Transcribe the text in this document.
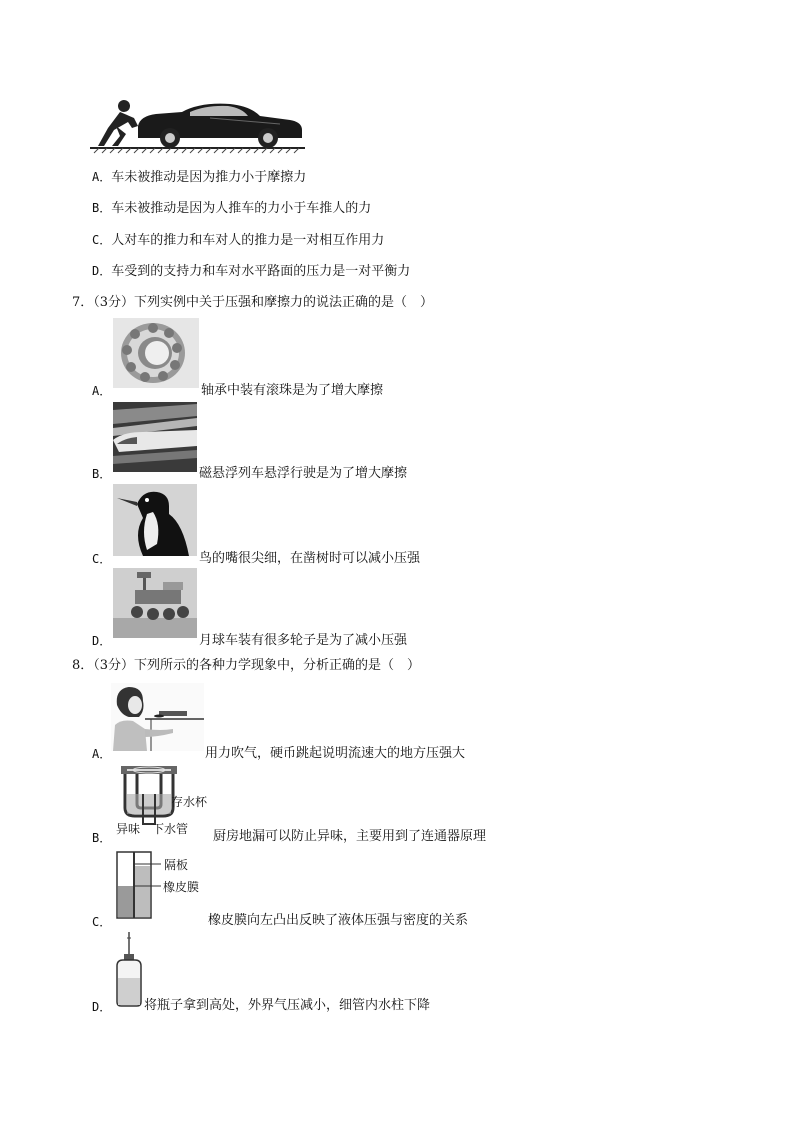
A．车未被推动是因为推力小于摩擦力
B．车未被推动是因为人推车的力小于车推人的力
C．人对车的推力和车对人的推力是一对相互作用力
D．车受到的支持力和车对水平路面的压力是一对平衡力
7．（3分）下列实例中关于压强和摩擦力的说法正确的是（　）
A．	轴承中装有滚珠是为了增大摩擦
B．	磁悬浮列车悬浮行驶是为了增大摩擦
C．	鸟的嘴很尖细，在凿树时可以减小压强
D．	月球车装有很多轮子是为了减小压强
8．（3分）下列所示的各种力学现象中，分析正确的是（　）
A．	用力吹气，硬币跳起说明流速大的地方压强大
存水杯
异味 下水管
B．	厨房地漏可以防止异味，主要用到了连通器原理
隔板
橡皮膜
C．	橡皮膜向左凸出反映了液体压强与密度的关系
D．	将瓶子拿到高处，外界气压减小，细管内水柱下降
